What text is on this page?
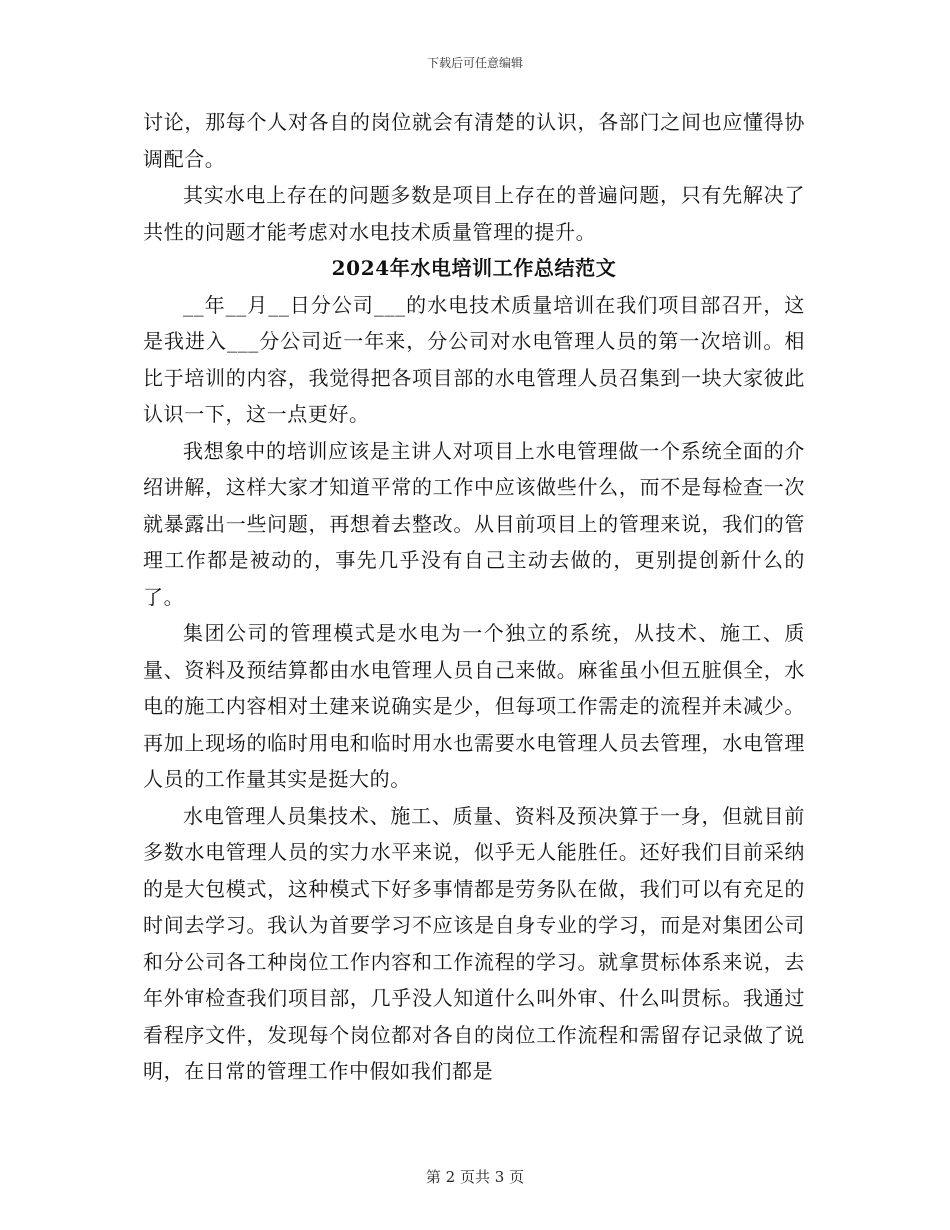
下载后可任意编辑

讨论，那每个人对各自的岗位就会有清楚的认识，各部门之间也应懂得协调配合。

其实水电上存在的问题多数是项目上存在的普遍问题，只有先解决了共性的问题才能考虑对水电技术质量管理的提升。

2024年水电培训工作总结范文

__年__月__日分公司___的水电技术质量培训在我们项目部召开，这是我进入___分公司近一年来，分公司对水电管理人员的第一次培训。相比于培训的内容，我觉得把各项目部的水电管理人员召集到一块大家彼此认识一下，这一点更好。

我想象中的培训应该是主讲人对项目上水电管理做一个系统全面的介绍讲解，这样大家才知道平常的工作中应该做些什么，而不是每检查一次就暴露出一些问题，再想着去整改。从目前项目上的管理来说，我们的管理工作都是被动的，事先几乎没有自己主动去做的，更别提创新什么的了。

集团公司的管理模式是水电为一个独立的系统，从技术、施工、质量、资料及预结算都由水电管理人员自己来做。麻雀虽小但五脏俱全，水电的施工内容相对土建来说确实是少，但每项工作需走的流程并未减少。再加上现场的临时用电和临时用水也需要水电管理人员去管理，水电管理人员的工作量其实是挺大的。

水电管理人员集技术、施工、质量、资料及预决算于一身，但就目前多数水电管理人员的实力水平来说，似乎无人能胜任。还好我们目前采纳的是大包模式，这种模式下好多事情都是劳务队在做，我们可以有充足的时间去学习。我认为首要学习不应该是自身专业的学习，而是对集团公司和分公司各工种岗位工作内容和工作流程的学习。就拿贯标体系来说，去年外审检查我们项目部，几乎没人知道什么叫外审、什么叫贯标。我通过看程序文件，发现每个岗位都对各自的岗位工作流程和需留存记录做了说明，在日常的管理工作中假如我们都是

第 2 页共 3 页
